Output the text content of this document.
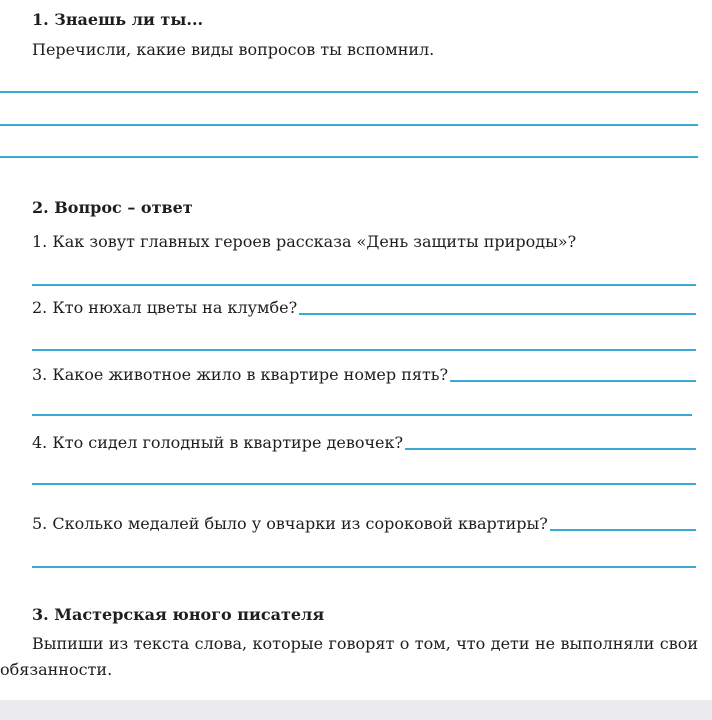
1. Знаешь ли ты...
Перечисли, какие виды вопросов ты вспомнил.
2. Вопрос – ответ
1. Как зовут главных героев рассказа «День защиты природы»?
2. Кто нюхал цветы на клумбе?
3. Какое животное жило в квартире номер пять?
4. Кто сидел голодный в квартире девочек?
5. Сколько медалей было у овчарки из сороковой квартиры?
3. Мастерская юного писателя
Выпиши из текста слова, которые говорят о том, что дети не выполняли свои обязанности.
